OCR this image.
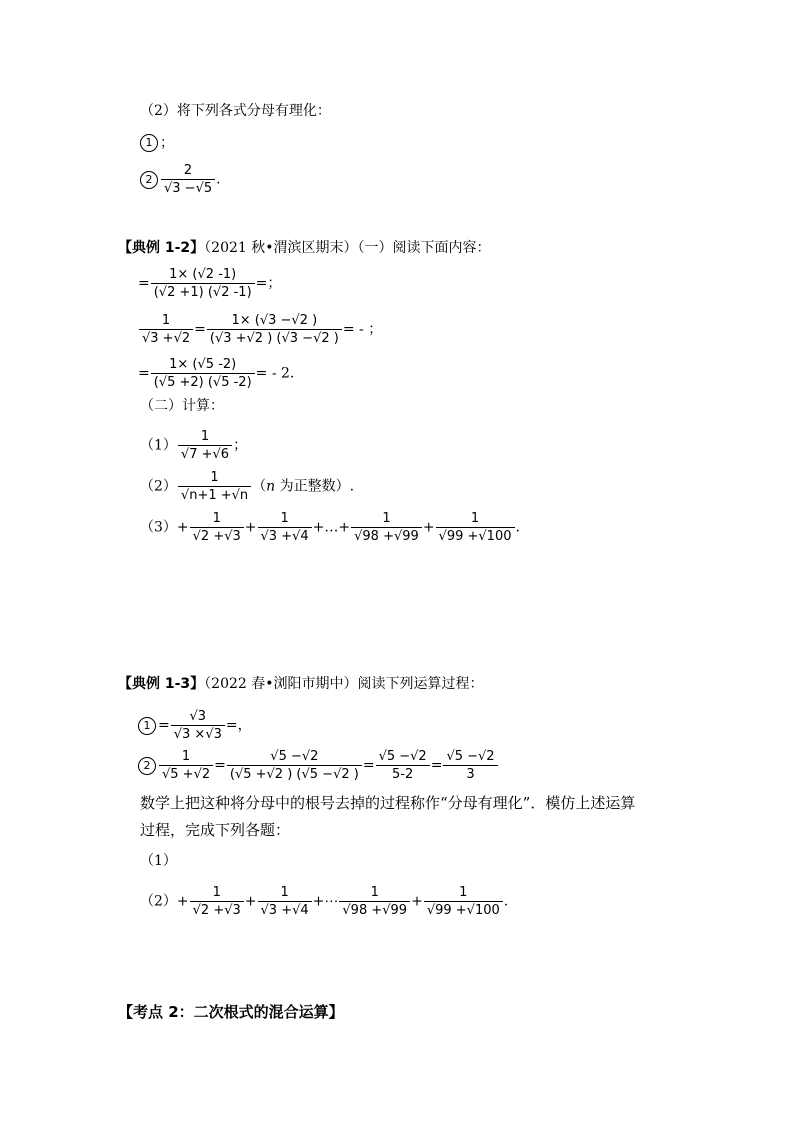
（2）将下列各式分母有理化：
1 ；
$2 \frac{2}{√3 -√5}$ .
【典例 1-2】（2021 秋•渭滨区期末）（一）阅读下面内容：
= $\frac{1\times (√2 -1)}{(√2 +1) (√2 -1)}$ =；
$\frac{1}{√3 +√2} = \frac{1\times (√3 -√2 )}{(√3 +√2 ) (√3 -√2 )}$ = - ；
= $\frac{1\times (√5 -2)}{(√5 +2) (√5 -2)}$ = - 2.
（二）计算：
$(1) \frac{1}{√7 +√6}$ ；
$(2) \frac{1}{√n+1 +√n} (n$ 为正整数）.
$(3)+ \frac{1}{√2 +√3} + \frac{1}{√3 +√4}$ +…+ $\frac{1}{√98 +√99} + \frac{1}{√99 +√100}$ .
【典例 1-3】（2022 春•浏阳市期中）阅读下列运算过程：
$1 = \frac{√3}{√3 \times√3}$ =，
$2 \frac{1}{√5 +√2} = \frac{√5 -√2}{(√5 +√2 ) (√5 -√2 )} = \frac{√5 -√2}{5-2} = \frac{√5 -√2}{3}$
数学上把这种将分母中的根号去掉的过程称作“分母有理化”．模仿上述运算
过程，完成下列各题：
（1）
$(2)+ \frac{1}{√2 +√3} + \frac{1}{√3 +√4}$ +⋯ $\frac{1}{√98 +√99} + \frac{1}{√99 +√100}$ .
【考点 2：二次根式的混合运算】
